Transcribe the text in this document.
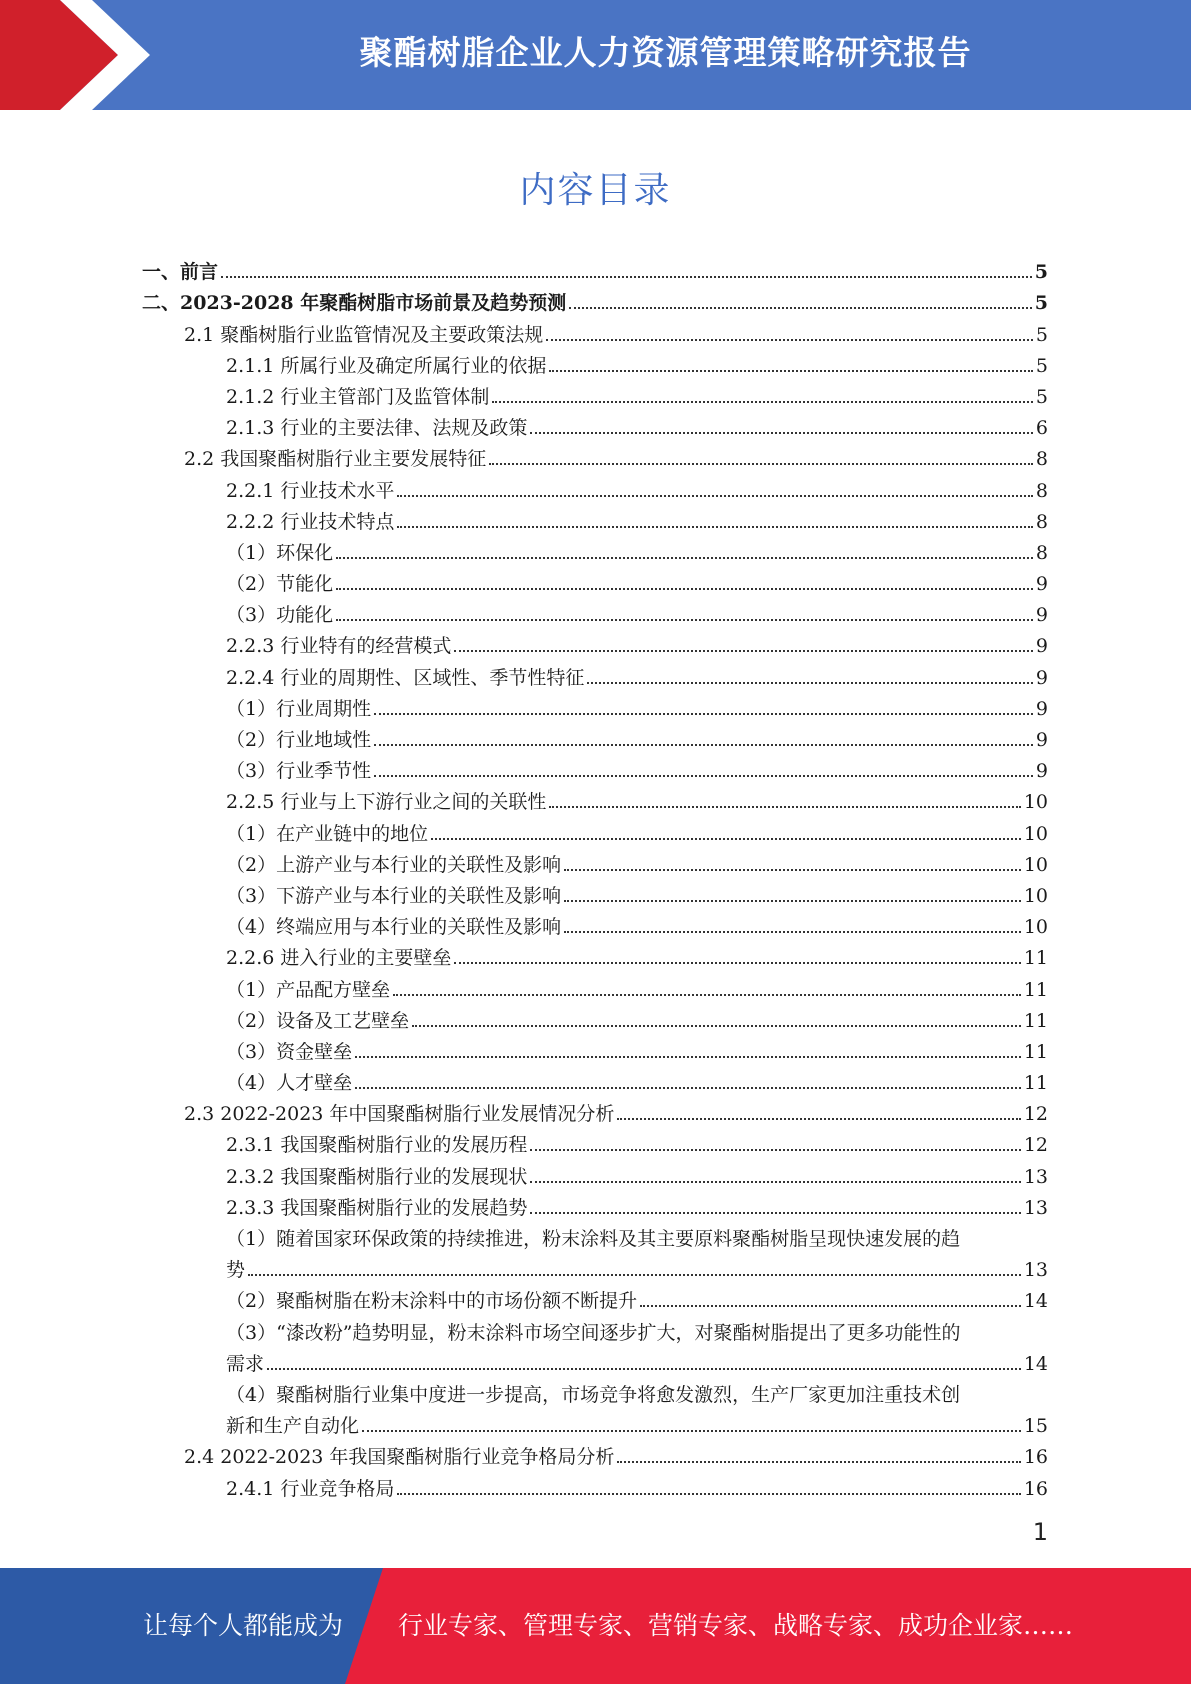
聚酯树脂企业人力资源管理策略研究报告
内容目录
一、前言	5
二、2023-2028 年聚酯树脂市场前景及趋势预测	5
2.1 聚酯树脂行业监管情况及主要政策法规	5
2.1.1 所属行业及确定所属行业的依据	5
2.1.2 行业主管部门及监管体制	5
2.1.3 行业的主要法律、法规及政策	6
2.2 我国聚酯树脂行业主要发展特征	8
2.2.1 行业技术水平	8
2.2.2 行业技术特点	8
（1）环保化	8
（2）节能化	9
（3）功能化	9
2.2.3 行业特有的经营模式	9
2.2.4 行业的周期性、区域性、季节性特征	9
（1）行业周期性	9
（2）行业地域性	9
（3）行业季节性	9
2.2.5 行业与上下游行业之间的关联性	10
（1）在产业链中的地位	10
（2）上游产业与本行业的关联性及影响	10
（3）下游产业与本行业的关联性及影响	10
（4）终端应用与本行业的关联性及影响	10
2.2.6 进入行业的主要壁垒	11
（1）产品配方壁垒	11
（2）设备及工艺壁垒	11
（3）资金壁垒	11
（4）人才壁垒	11
2.3 2022-2023 年中国聚酯树脂行业发展情况分析	12
2.3.1 我国聚酯树脂行业的发展历程	12
2.3.2 我国聚酯树脂行业的发展现状	13
2.3.3 我国聚酯树脂行业的发展趋势	13
（1）随着国家环保政策的持续推进，粉末涂料及其主要原料聚酯树脂呈现快速发展的趋
势	13
（2）聚酯树脂在粉末涂料中的市场份额不断提升	14
（3）“漆改粉”趋势明显，粉末涂料市场空间逐步扩大，对聚酯树脂提出了更多功能性的
需求	14
（4）聚酯树脂行业集中度进一步提高，市场竞争将愈发激烈，生产厂家更加注重技术创
新和生产自动化	15
2.4 2022-2023 年我国聚酯树脂行业竞争格局分析	16
2.4.1 行业竞争格局	16
1
让每个人都能成为 行业专家、管理专家、营销专家、战略专家、成功企业家……
